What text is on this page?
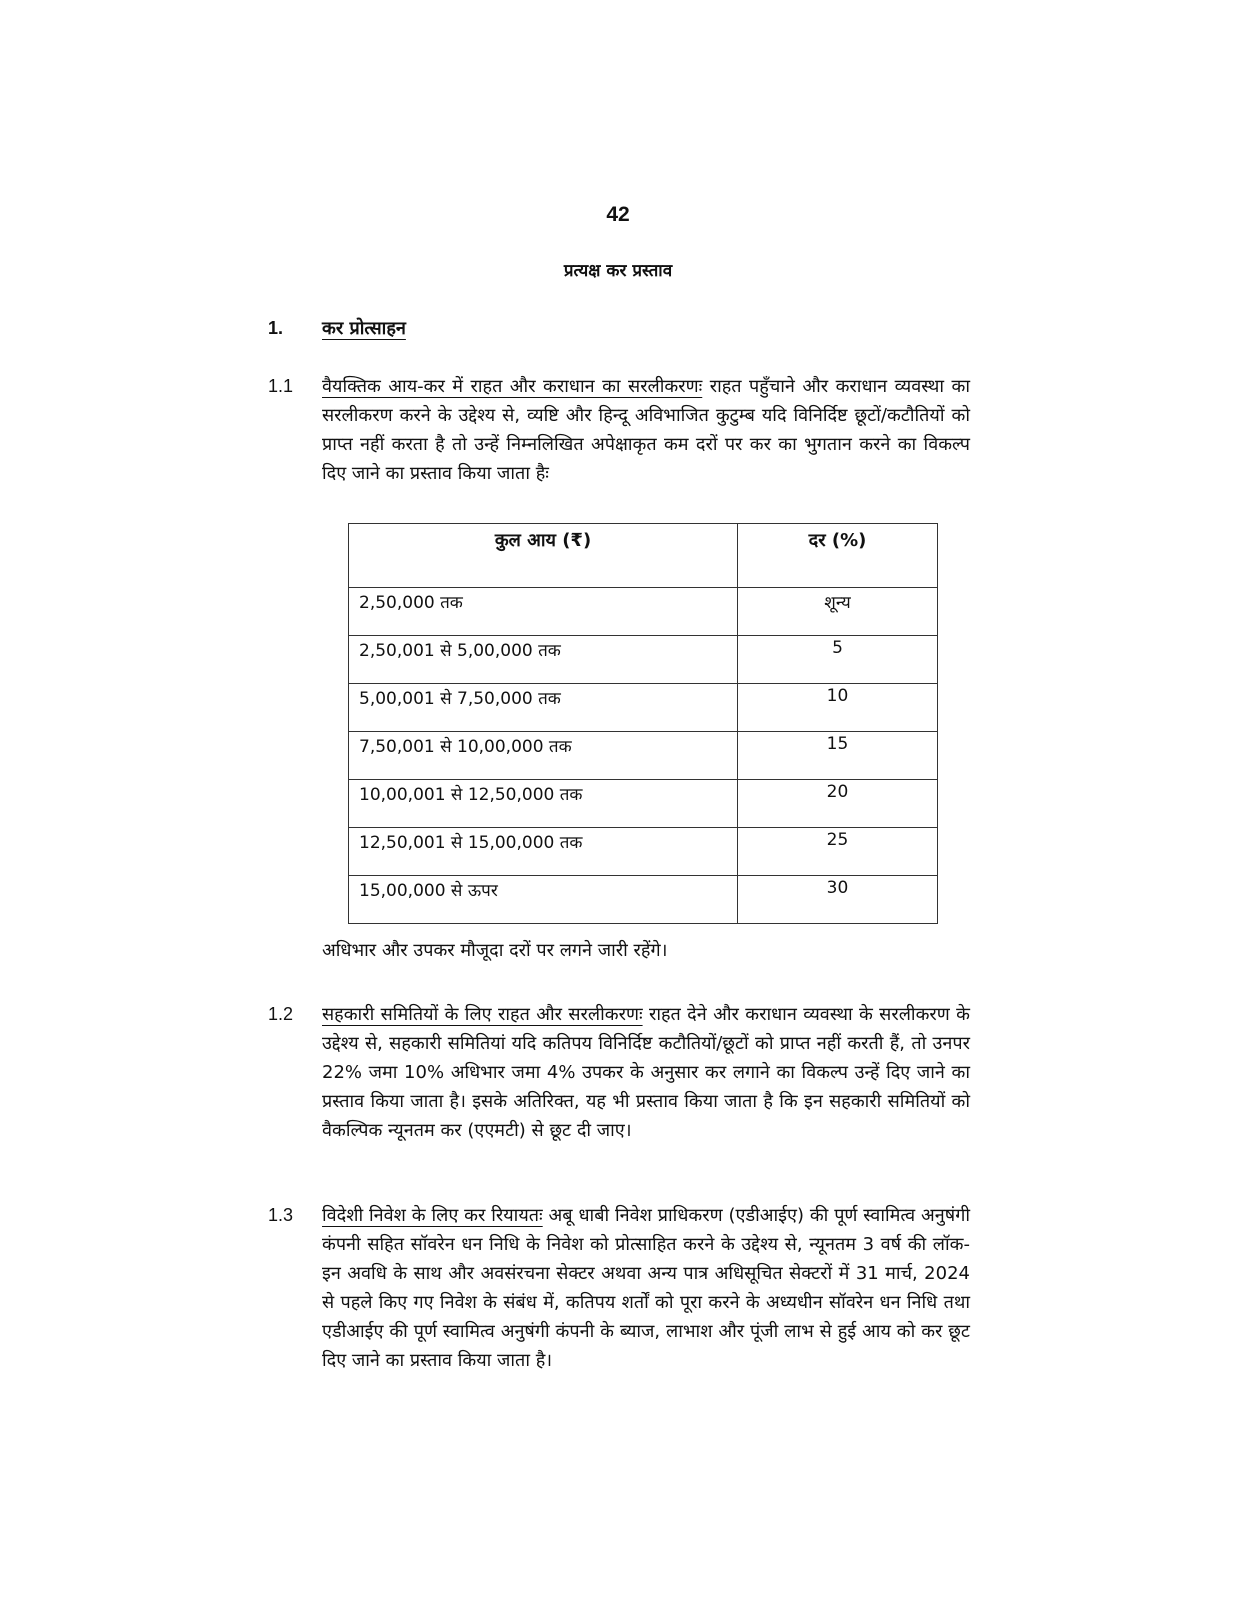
42
प्रत्यक्ष कर प्रस्ताव
1. कर प्रोत्साहन
1.1 वैयक्तिक आय-कर में राहत और कराधान का सरलीकरणः राहत पहुँचाने और कराधान व्यवस्था का सरलीकरण करने के उद्देश्य से, व्यष्टि और हिन्दू अविभाजित कुटुम्ब यदि विनिर्दिष्ट छूटों/कटौतियों को प्राप्त नहीं करता है तो उन्हें निम्नलिखित अपेक्षाकृत कम दरों पर कर का भुगतान करने का विकल्प दिए जाने का प्रस्ताव किया जाता हैः

कुल आय (₹)	दर (%)
2,50,000 तक	शून्य
2,50,001 से 5,00,000 तक	5
5,00,001 से 7,50,000 तक	10
7,50,001 से 10,00,000 तक	15
10,00,001 से 12,50,000 तक	20
12,50,001 से 15,00,000 तक	25
15,00,000 से ऊपर	30
अधिभार और उपकर मौजूदा दरों पर लगने जारी रहेंगे।
1.2 सहकारी समितियों के लिए राहत और सरलीकरणः राहत देने और कराधान व्यवस्था के सरलीकरण के उद्देश्य से, सहकारी समितियां यदि कतिपय विनिर्दिष्ट कटौतियों/छूटों को प्राप्त नहीं करती हैं, तो उनपर 22% जमा 10% अधिभार जमा 4% उपकर के अनुसार कर लगाने का विकल्प उन्हें दिए जाने का प्रस्ताव किया जाता है। इसके अतिरिक्त, यह भी प्रस्ताव किया जाता है कि इन सहकारी समितियों को वैकल्पिक न्यूनतम कर (एएमटी) से छूट दी जाए।

1.3 विदेशी निवेश के लिए कर रियायतः अबू धाबी निवेश प्राधिकरण (एडीआईए) की पूर्ण स्वामित्व अनुषंगी कंपनी सहित सॉवरेन धन निधि के निवेश को प्रोत्साहित करने के उद्देश्य से, न्यूनतम 3 वर्ष की लॉक-इन अवधि के साथ और अवसंरचना सेक्टर अथवा अन्य पात्र अधिसूचित सेक्टरों में 31 मार्च, 2024 से पहले किए गए निवेश के संबंध में, कतिपय शर्तों को पूरा करने के अध्यधीन सॉवरेन धन निधि तथा एडीआईए की पूर्ण स्वामित्व अनुषंगी कंपनी के ब्याज, लाभाश और पूंजी लाभ से हुई आय को कर छूट दिए जाने का प्रस्ताव किया जाता है।
